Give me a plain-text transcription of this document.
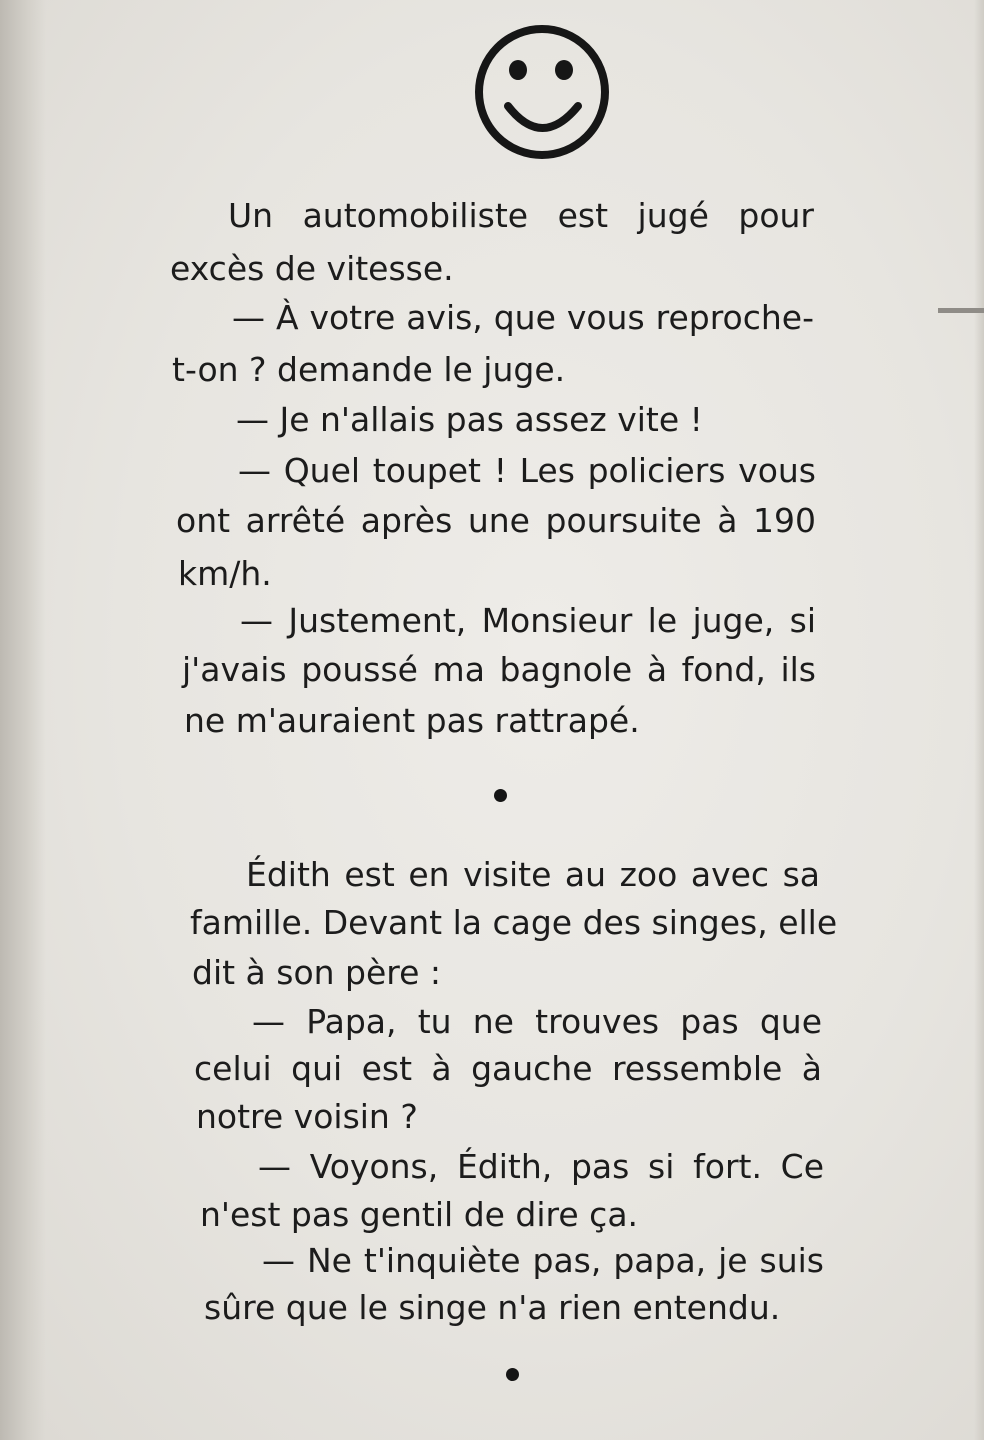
Un automobiliste est jugé pour
excès de vitesse.
— À votre avis, que vous reproche-
t-on ? demande le juge.
— Je n'allais pas assez vite !
— Quel toupet ! Les policiers vous
ont arrêté après une poursuite à 190
km/h.
— Justement, Monsieur le juge, si
j'avais poussé ma bagnole à fond, ils
ne m'auraient pas rattrapé.
Édith est en visite au zoo avec sa
famille. Devant la cage des singes, elle
dit à son père :
— Papa, tu ne trouves pas que
celui qui est à gauche ressemble à
notre voisin ?
— Voyons, Édith, pas si fort. Ce
n'est pas gentil de dire ça.
— Ne t'inquiète pas, papa, je suis
sûre que le singe n'a rien entendu.
